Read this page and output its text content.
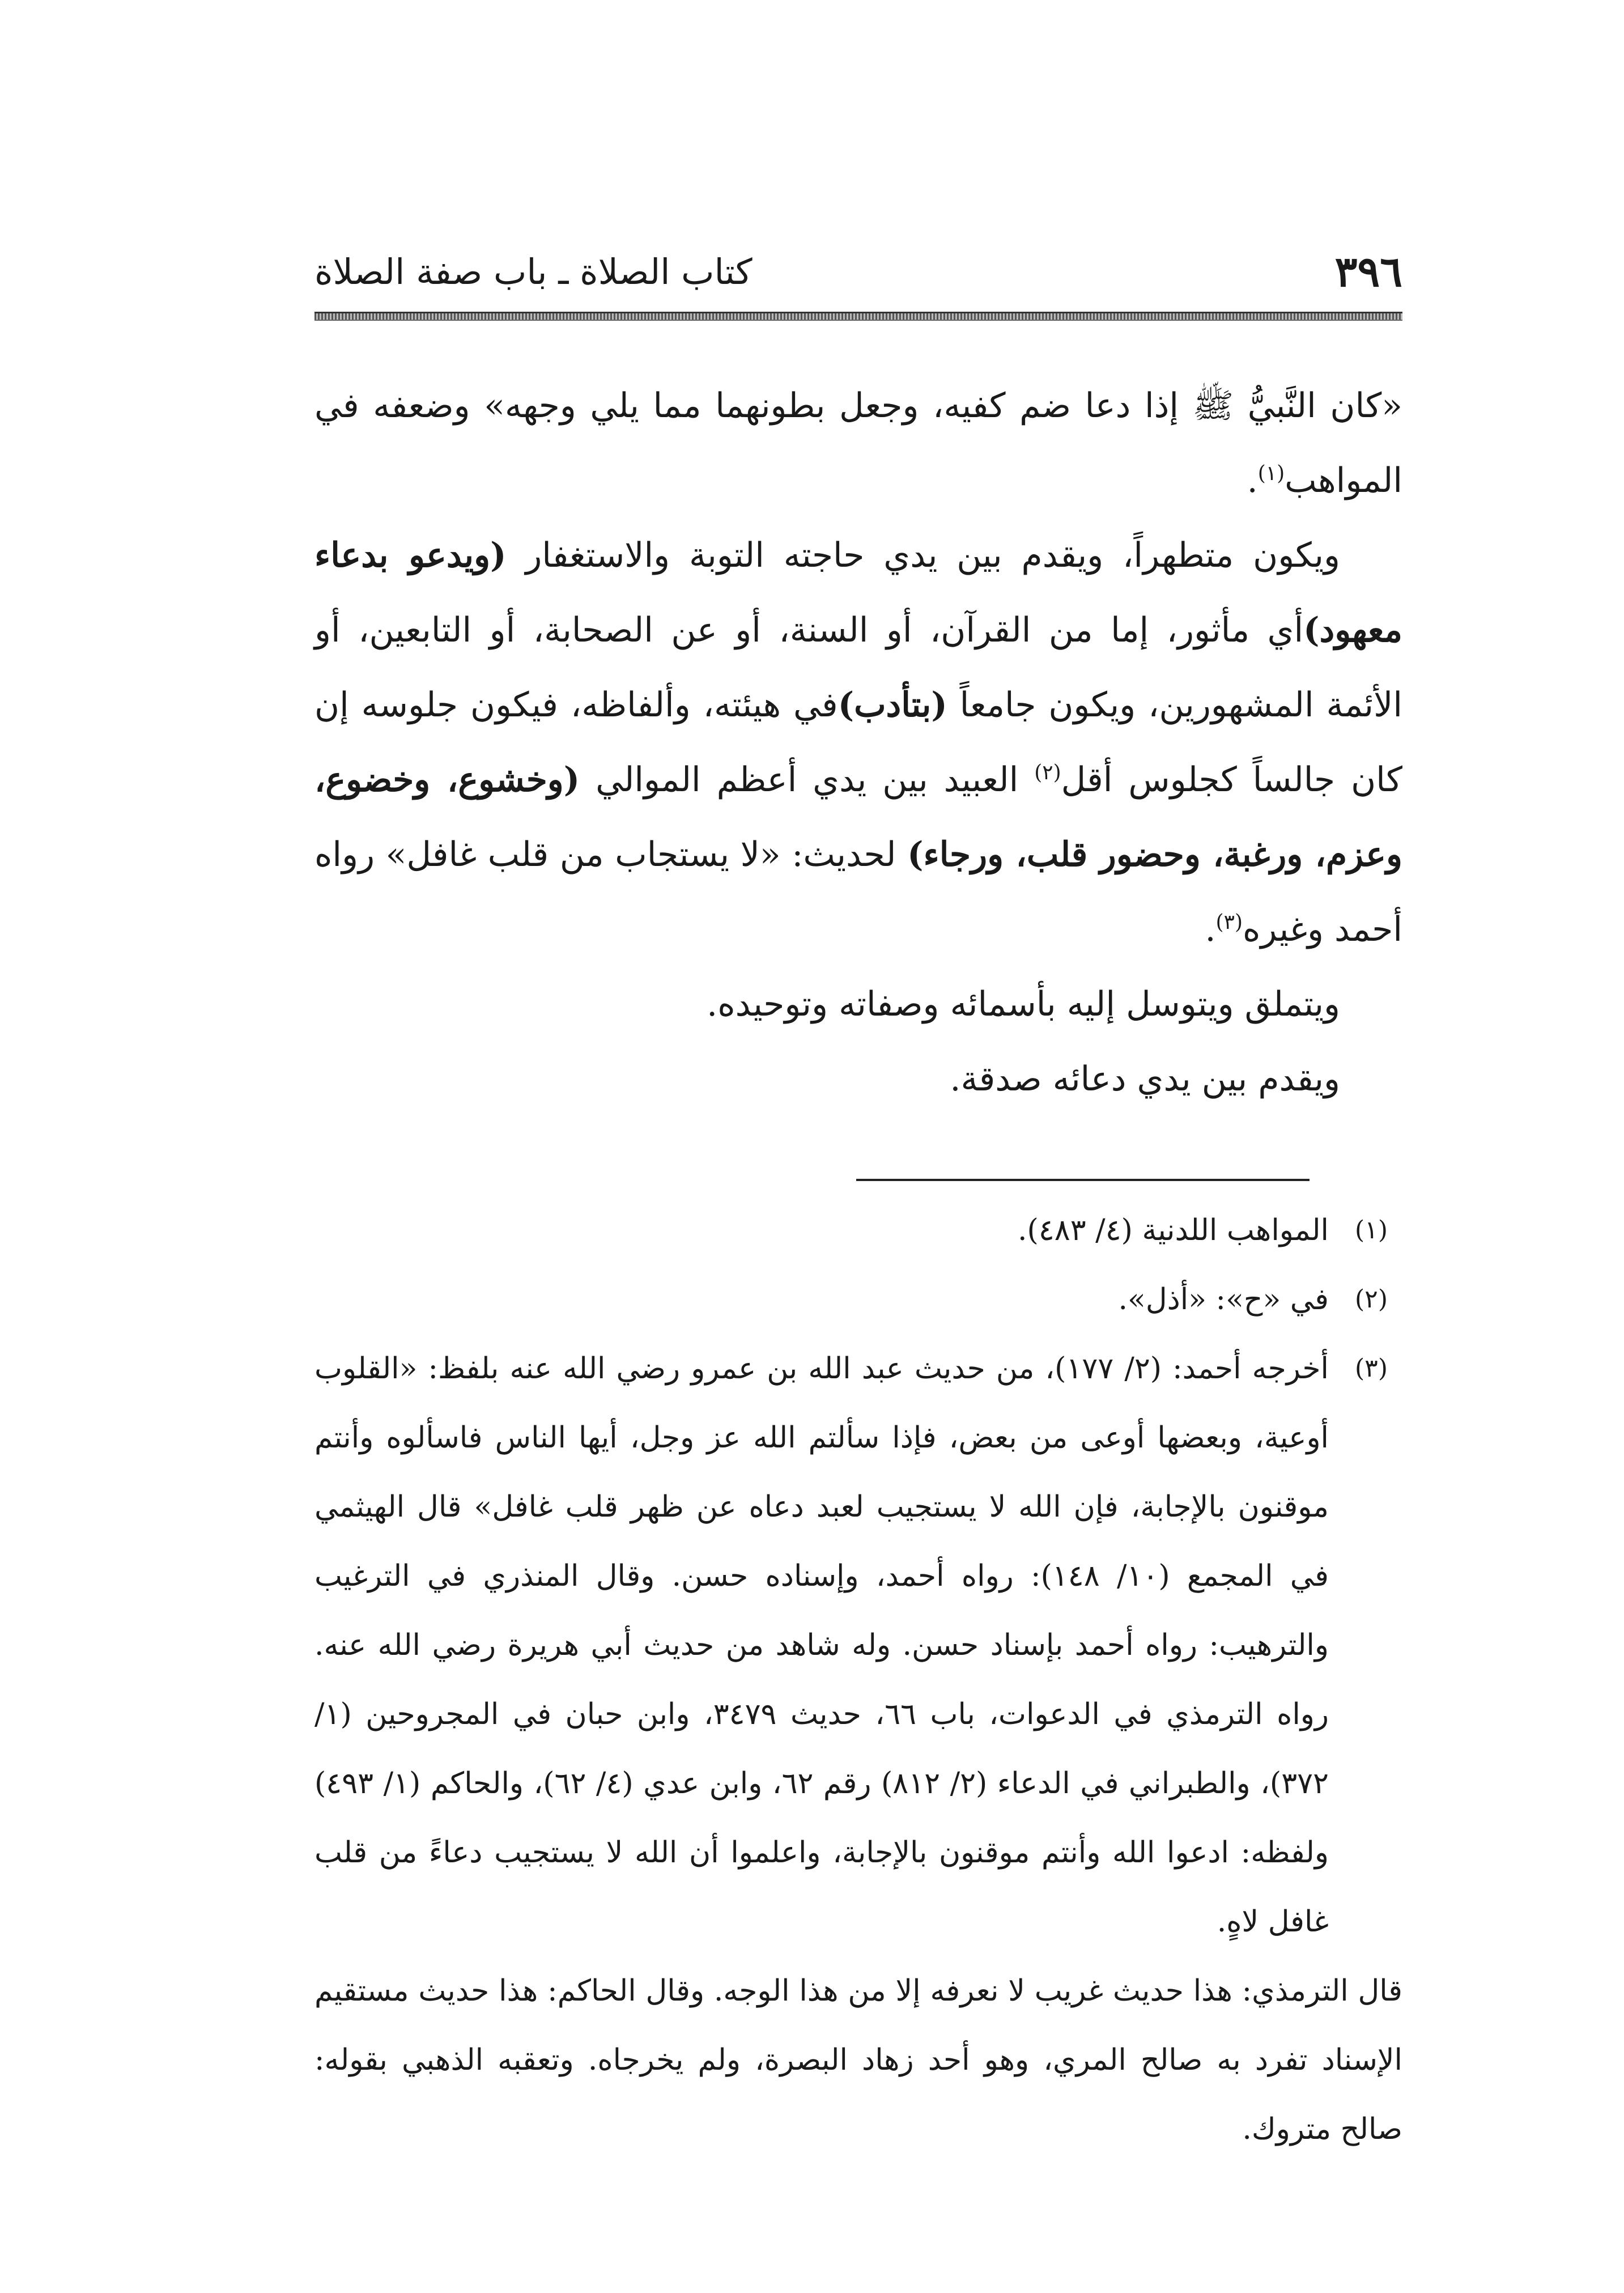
٣٩٦
كتاب الصلاة ـ باب صفة الصلاة

«كان النَّبيُّ ﷺ إذا دعا ضم كفيه، وجعل بطونهما مما يلي وجهه» وضعفه في المواهب$^{(١)}$.

ويكون متطهراً، ويقدم بين يدي حاجته التوبة والاستغفار (ويدعو بدعاء معهود)أي مأثور، إما من القرآن، أو السنة، أو عن الصحابة، أو التابعين، أو الأئمة المشهورين، ويكون جامعاً (بتأدب)في هيئته، وألفاظه، فيكون جلوسه إن كان جالساً كجلوس أقل$^{(٢)}$ العبيد بين يدي أعظم الموالي (وخشوع، وخضوع، وعزم، ورغبة، وحضور قلب، ورجاء) لحديث: «لا يستجاب من قلب غافل» رواه أحمد وغيره$^{(٣)}$.

ويتملق ويتوسل إليه بأسمائه وصفاته وتوحيده.

ويقدم بين يدي دعائه صدقة.

(١)
المواهب اللدنية (٤/ ٤٨٣).
(٢)
في «ح»: «أذل».
(٣)
أخرجه أحمد: (٢/ ١٧٧)، من حديث عبد الله بن عمرو رضي الله عنه بلفظ: «القلوب أوعية، وبعضها أوعى من بعض، فإذا سألتم الله عز وجل، أيها الناس فاسألوه وأنتم موقنون بالإجابة، فإن الله لا يستجيب لعبد دعاه عن ظهر قلب غافل» قال الهيثمي في المجمع (١٠/ ١٤٨): رواه أحمد، وإسناده حسن. وقال المنذري في الترغيب والترهيب: رواه أحمد بإسناد حسن. وله شاهد من حديث أبي هريرة رضي الله عنه. رواه الترمذي في الدعوات، باب ٦٦، حديث ٣٤٧٩، وابن حبان في المجروحين (١/ ٣٧٢)، والطبراني في الدعاء (٢/ ٨١٢) رقم ٦٢، وابن عدي (٤/ ٦٢)، والحاكم (١/ ٤٩٣) ولفظه: ادعوا الله وأنتم موقنون بالإجابة، واعلموا أن الله لا يستجيب دعاءً من قلب غافل لاهٍ.
قال الترمذي: هذا حديث غريب لا نعرفه إلا من هذا الوجه. وقال الحاكم: هذا حديث مستقيم الإسناد تفرد به صالح المري، وهو أحد زهاد البصرة، ولم يخرجاه. وتعقبه الذهبي بقوله: صالح متروك.
